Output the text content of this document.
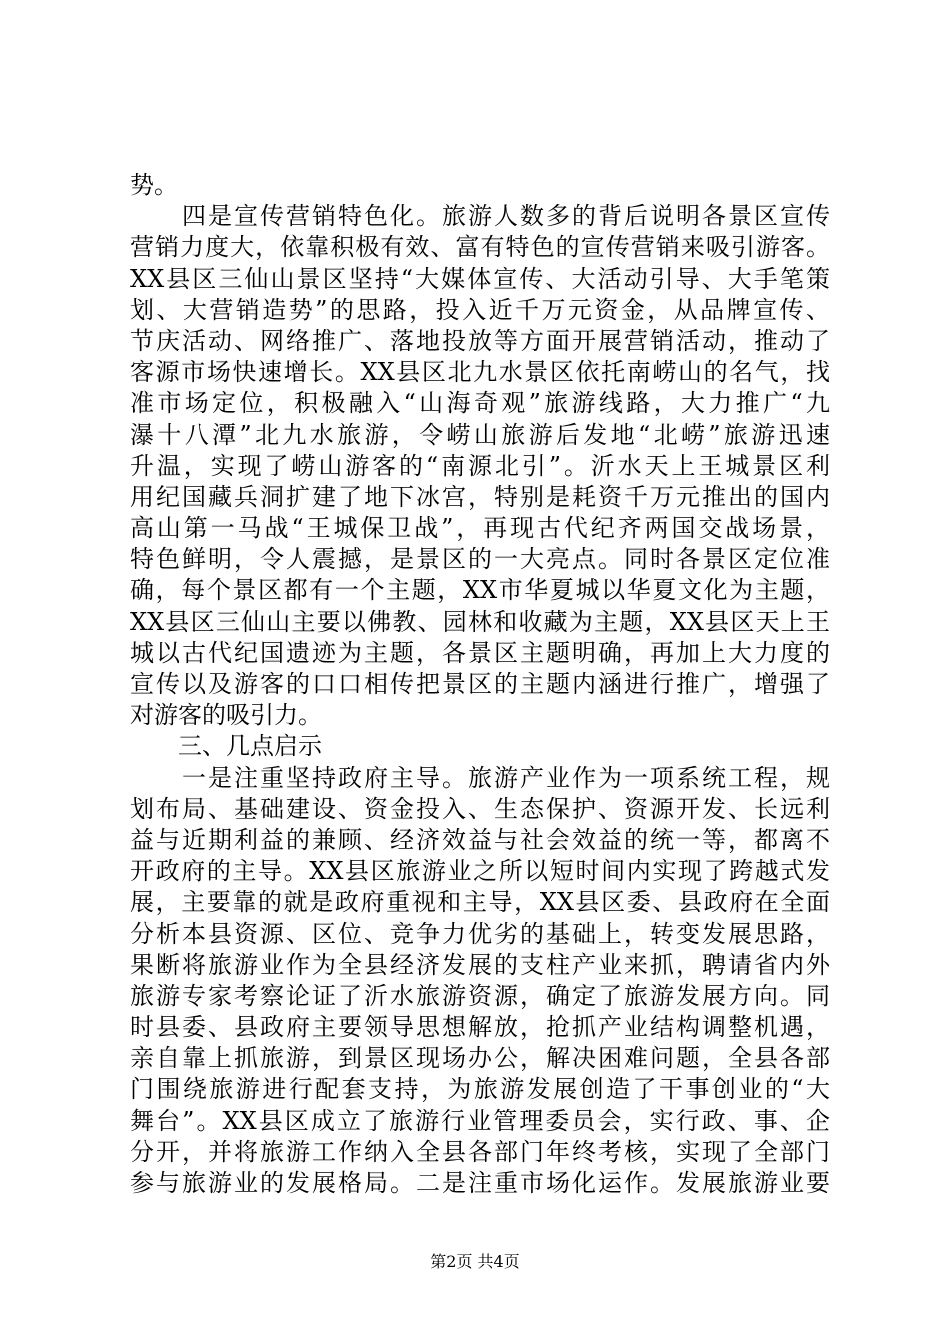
势。
　　四是宣传营销特色化。旅游人数多的背后说明各景区宣传
营销力度大，依靠积极有效、富有特色的宣传营销来吸引游客。
XX县区三仙山景区坚持“大媒体宣传、大活动引导、大手笔策
划、大营销造势”的思路，投入近千万元资金，从品牌宣传、
节庆活动、网络推广、落地投放等方面开展营销活动，推动了
客源市场快速增长。XX县区北九水景区依托南崂山的名气，找
准市场定位，积极融入“山海奇观”旅游线路，大力推广“九
瀑十八潭”北九水旅游，令崂山旅游后发地“北崂”旅游迅速
升温，实现了崂山游客的“南源北引”。沂水天上王城景区利
用纪国藏兵洞扩建了地下冰宫，特别是耗资千万元推出的国内
高山第一马战“王城保卫战”，再现古代纪齐两国交战场景，
特色鲜明，令人震撼，是景区的一大亮点。同时各景区定位准
确，每个景区都有一个主题，XX市华夏城以华夏文化为主题，
XX县区三仙山主要以佛教、园林和收藏为主题，XX县区天上王
城以古代纪国遗迹为主题，各景区主题明确，再加上大力度的
宣传以及游客的口口相传把景区的主题内涵进行推广，增强了
对游客的吸引力。
　　三、几点启示
　　一是注重坚持政府主导。旅游产业作为一项系统工程，规
划布局、基础建设、资金投入、生态保护、资源开发、长远利
益与近期利益的兼顾、经济效益与社会效益的统一等，都离不
开政府的主导。XX县区旅游业之所以短时间内实现了跨越式发
展，主要靠的就是政府重视和主导，XX县区委、县政府在全面
分析本县资源、区位、竞争力优劣的基础上，转变发展思路，
果断将旅游业作为全县经济发展的支柱产业来抓，聘请省内外
旅游专家考察论证了沂水旅游资源，确定了旅游发展方向。同
时县委、县政府主要领导思想解放，抢抓产业结构调整机遇，
亲自靠上抓旅游，到景区现场办公，解决困难问题，全县各部
门围绕旅游进行配套支持，为旅游发展创造了干事创业的“大
舞台”。XX县区成立了旅游行业管理委员会，实行政、事、企
分开，并将旅游工作纳入全县各部门年终考核，实现了全部门
参与旅游业的发展格局。二是注重市场化运作。发展旅游业要
第2页 共4页
